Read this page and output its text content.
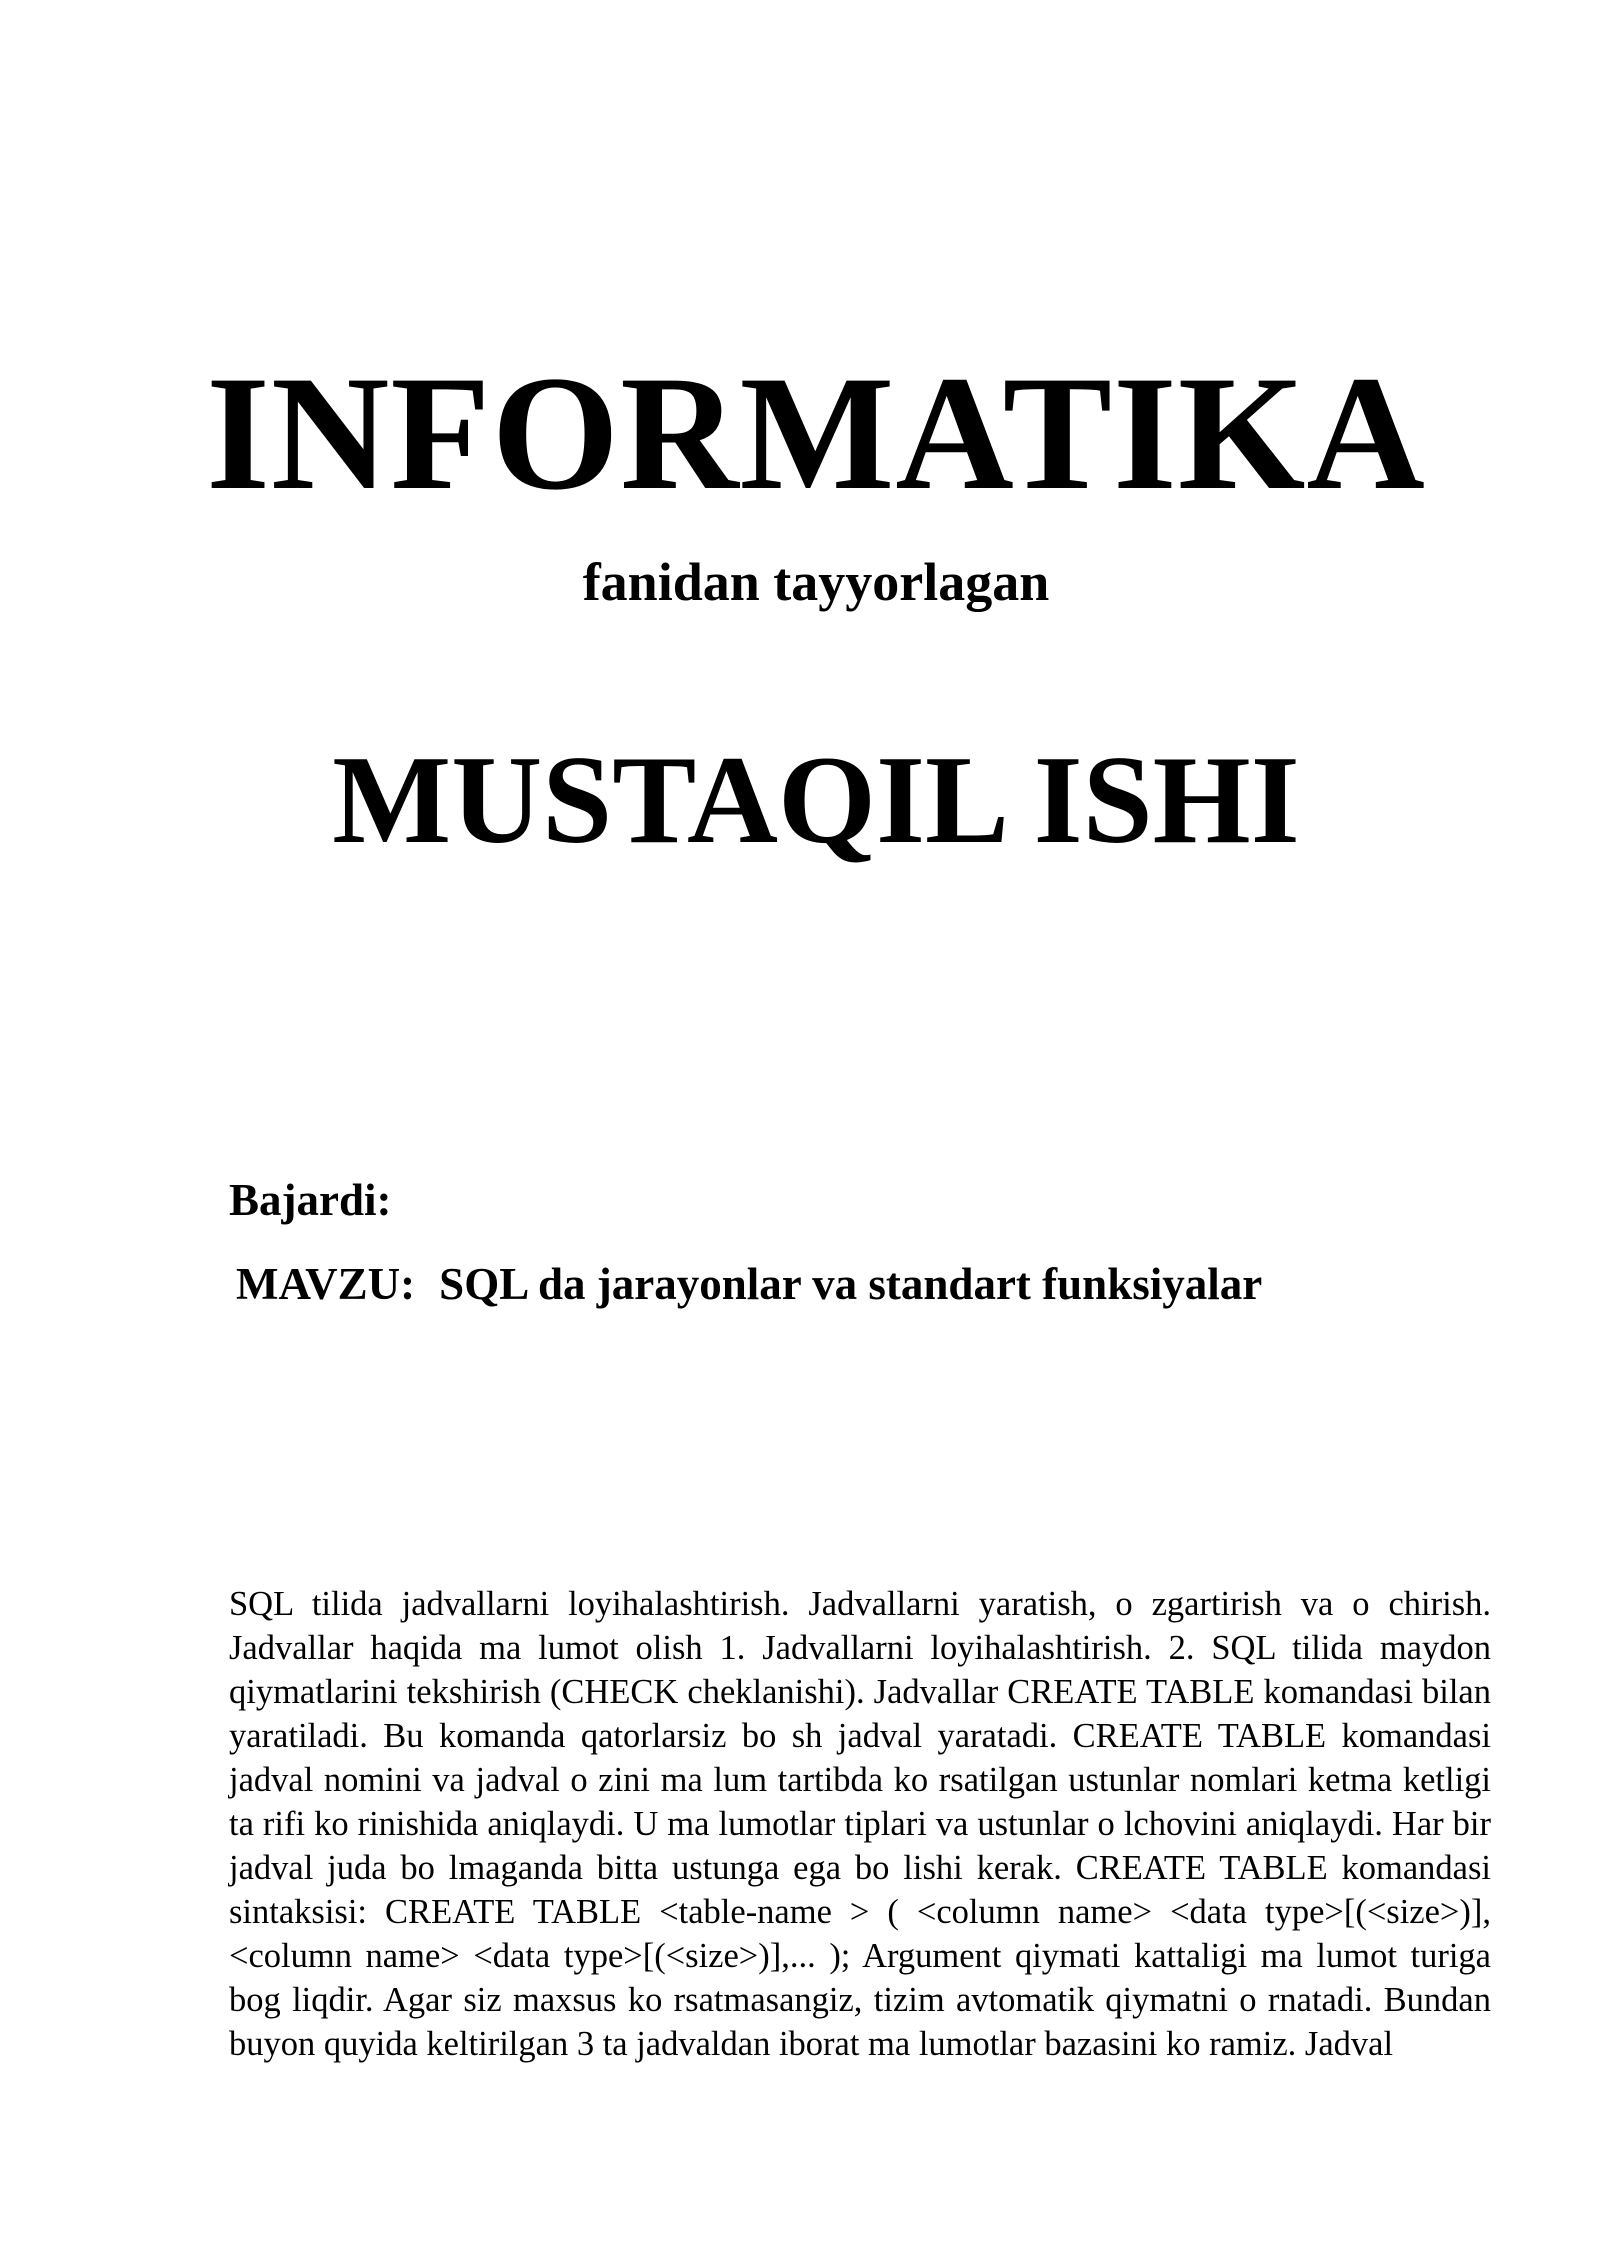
INFORMATIKA
fanidan tayyorlagan
MUSTAQIL ISHI
Bajardi:
MAVZU: SQL da jarayonlar va standart funksiyalar

SQL tilida jadvallarni loyihalashtirish. Jadvallarni yaratish, o zgartirish va o chirish. Jadvallar haqida ma lumot olish 1. Jadvallarni loyihalashtirish. 2. SQL tilida maydon qiymatlarini tekshirish (CHECK cheklanishi). Jadvallar CREATE TABLE komandasi bilan yaratiladi. Bu komanda qatorlarsiz bo sh jadval yaratadi. CREATE TABLE komandasi jadval nomini va jadval o zini ma lum tartibda ko rsatilgan ustunlar nomlari ketma ketligi ta rifi ko rinishida aniqlaydi. U ma lumotlar tiplari va ustunlar o lchovini aniqlaydi. Har bir jadval juda bo lmaganda bitta ustunga ega bo lishi kerak. CREATE TABLE komandasi sintaksisi: CREATE TABLE <table-name > ( <column name> <data type>[(<size>)], <column name> <data type>[(<size>)],... ); Argument qiymati kattaligi ma lumot turiga bog liqdir. Agar siz maxsus ko rsatmasangiz, tizim avtomatik qiymatni o rnatadi. Bundan buyon quyida keltirilgan 3 ta jadvaldan iborat ma lumotlar bazasini ko ramiz. Jadval
